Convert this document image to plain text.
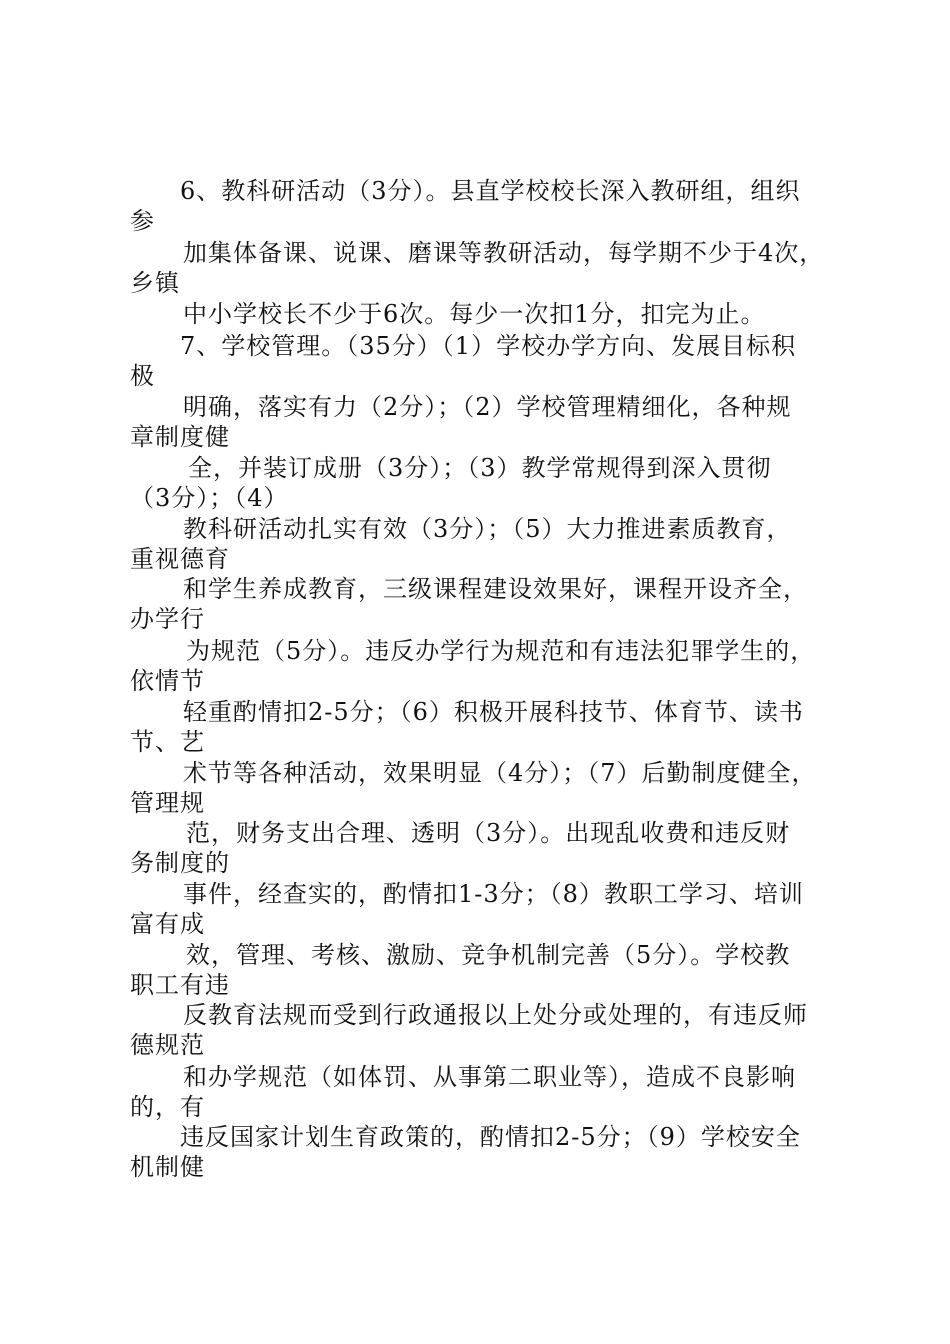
6、教科研活动（3分）。县直学校校长深入教研组，组织
参
加集体备课、说课、磨课等教研活动，每学期不少于4次，
乡镇
中小学校长不少于6次。每少一次扣1分，扣完为止。
7、学校管理。（35分）（1）学校办学方向、发展目标积
极
明确，落实有力（2分）；（2）学校管理精细化，各种规
章制度健
全，并装订成册（3分）；（3）教学常规得到深入贯彻
（3分）；（4）
教科研活动扎实有效（3分）；（5）大力推进素质教育，
重视德育
和学生养成教育，三级课程建设效果好，课程开设齐全，
办学行
为规范（5分）。违反办学行为规范和有违法犯罪学生的，
依情节
轻重酌情扣2-5分；（6）积极开展科技节、体育节、读书
节、艺
术节等各种活动，效果明显（4分）；（7）后勤制度健全，
管理规
范，财务支出合理、透明（3分）。出现乱收费和违反财
务制度的
事件，经查实的，酌情扣1-3分；（8）教职工学习、培训
富有成
效，管理、考核、激励、竞争机制完善（5分）。学校教
职工有违
反教育法规而受到行政通报以上处分或处理的，有违反师
德规范
和办学规范（如体罚、从事第二职业等），造成不良影响
的，有
违反国家计划生育政策的，酌情扣2-5分；（9）学校安全
机制健
